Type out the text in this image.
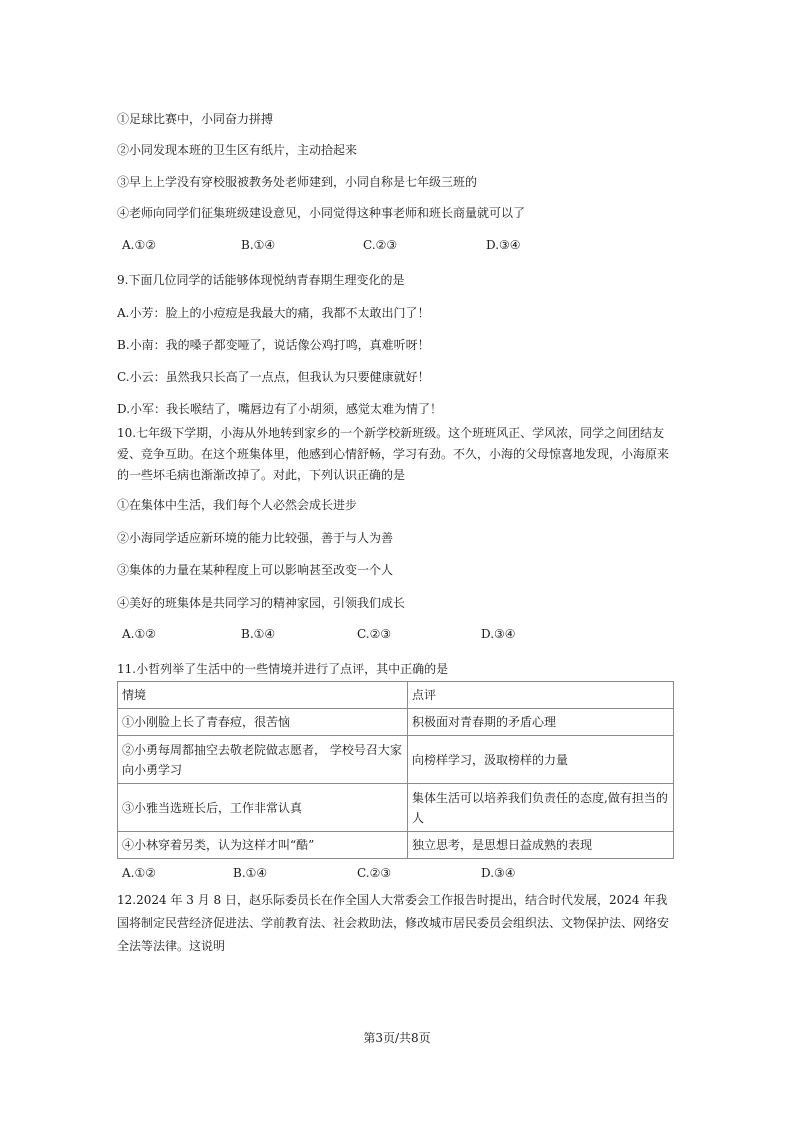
①足球比赛中，小同奋力拼搏
②小同发现本班的卫生区有纸片，主动拾起来
③早上上学没有穿校服被教务处老师建到，小同自称是七年级三班的
④老师向同学们征集班级建设意见，小同觉得这种事老师和班长商量就可以了
A.①②	B.①④	C.②③	D.③④
9.下面几位同学的话能够体现悦纳青春期生理变化的是
A.小芳：脸上的小痘痘是我最大的痛，我都不太敢出门了！
B.小南：我的嗓子都变哑了，说话像公鸡打鸣，真难听呀！
C.小云：虽然我只长高了一点点，但我认为只要健康就好！
D.小军：我长喉结了，嘴唇边有了小胡须，感觉太难为情了！
10.七年级下学期，小海从外地转到家乡的一个新学校新班级。这个班班风正、学风浓，同学之间团结友爱、竞争互助。在这个班集体里，他感到心情舒畅，学习有劲。不久，小海的父母惊喜地发现，小海原来的一些坏毛病也渐渐改掉了。对此，下列认识正确的是
①在集体中生活，我们每个人必然会成长进步
②小海同学适应新环境的能力比较强，善于与人为善
③集体的力量在某种程度上可以影响甚至改变一个人
④美好的班集体是共同学习的精神家园，引领我们成长
A.①②	B.①④	C.②③	D.③④
11.小哲列举了生活中的一些情境并进行了点评，其中正确的是
情境	点评
①小刚脸上长了青春痘，很苦恼	积极面对青春期的矛盾心理
②小勇每周都抽空去敬老院做志愿者， 学校号召大家向小勇学习	向榜样学习，汲取榜样的力量
③小雅当选班长后，工作非常认真	集体生活可以培养我们负责任的态度,做有担当的人
④小林穿着另类，认为这样才叫“酷”	独立思考，是思想日益成熟的表现
A.①②	B.①④	C.②③	D.③④
12.2024 年 3 月 8 日，赵乐际委员长在作全国人大常委会工作报告时提出，结合时代发展，2024 年我国将制定民营经济促进法、学前教育法、社会救助法，修改城市居民委员会组织法、文物保护法、网络安全法等法律。这说明
第3页/共8页
